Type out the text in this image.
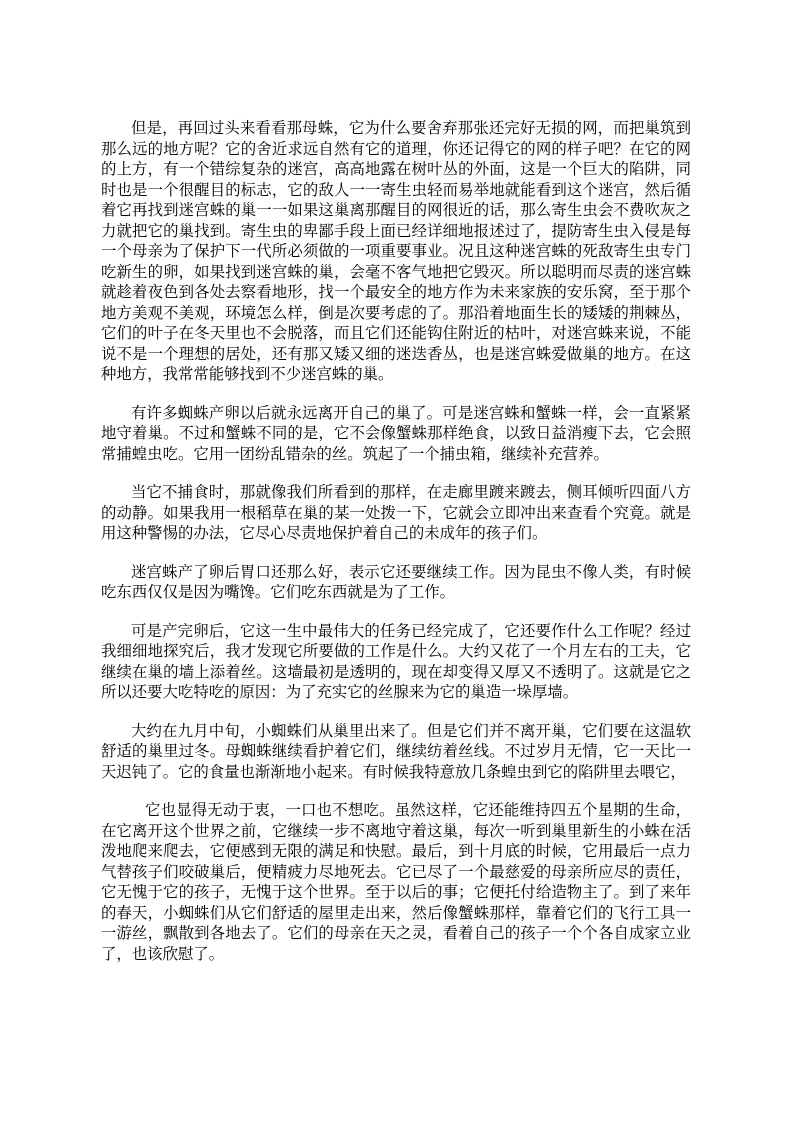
但是，再回过头来看看那母蛛，它为什么要舍弃那张还完好无损的网，而把巢筑到那么远的地方呢？它的舍近求远自然有它的道理，你还记得它的网的样子吧？在它的网的上方，有一个错综复杂的迷宫，高高地露在树叶丛的外面，这是一个巨大的陷阱，同时也是一个很醒目的标志，它的敌人一一寄生虫轻而易举地就能看到这个迷宫，然后循着它再找到迷宫蛛的巢一一如果这巢离那醒目的网很近的话，那么寄生虫会不费吹灰之力就把它的巢找到。寄生虫的卑鄙手段上面已经详细地报述过了，提防寄生虫入侵是每一个母亲为了保护下一代所必须做的一项重要事业。况且这种迷宫蛛的死敌寄生虫专门吃新生的卵，如果找到迷宫蛛的巢，会毫不客气地把它毁灭。所以聪明而尽责的迷宫蛛就趁着夜色到各处去察看地形，找一个最安全的地方作为未来家族的安乐窝，至于那个地方美观不美观，环境怎么样，倒是次要考虑的了。那沿着地面生长的矮矮的荆棘丛，它们的叶子在冬天里也不会脱落，而且它们还能钩住附近的枯叶，对迷宫蛛来说，不能说不是一个理想的居处，还有那又矮又细的迷迭香丛，也是迷宫蛛爱做巢的地方。在这种地方，我常常能够找到不少迷宫蛛的巢。

有许多蜘蛛产卵以后就永远离开自己的巢了。可是迷宫蛛和蟹蛛一样，会一直紧紧地守着巢。不过和蟹蛛不同的是，它不会像蟹蛛那样绝食，以致日益消瘦下去，它会照常捕蝗虫吃。它用一团纷乱错杂的丝。筑起了一个捕虫箱，继续补充营养。

当它不捕食时，那就像我们所看到的那样，在走廊里踱来踱去，侧耳倾听四面八方的动静。如果我用一根稻草在巢的某一处拨一下，它就会立即冲出来查看个究竟。就是用这种警惕的办法，它尽心尽责地保护着自己的未成年的孩子们。

迷宫蛛产了卵后胃口还那么好，表示它还要继续工作。因为昆虫不像人类，有时候吃东西仅仅是因为嘴馋。它们吃东西就是为了工作。

可是产完卵后，它这一生中最伟大的任务已经完成了，它还要作什么工作呢？经过我细细地探究后，我才发现它所要做的工作是什么。大约又花了一个月左右的工夫，它继续在巢的墙上添着丝。这墙最初是透明的，现在却变得又厚又不透明了。这就是它之所以还要大吃特吃的原因：为了充实它的丝腺来为它的巢造一垛厚墙。

大约在九月中旬，小蜘蛛们从巢里出来了。但是它们并不离开巢，它们要在这温软舒适的巢里过冬。母蜘蛛继续看护着它们，继续纺着丝线。不过岁月无情，它一天比一天迟钝了。它的食量也渐渐地小起来。有时候我特意放几条蝗虫到它的陷阱里去喂它，

它也显得无动于衷，一口也不想吃。虽然这样，它还能维持四五个星期的生命，在它离开这个世界之前，它继续一步不离地守着这巢，每次一听到巢里新生的小蛛在活泼地爬来爬去，它便感到无限的满足和快慰。最后，到十月底的时候，它用最后一点力气替孩子们咬破巢后，便精疲力尽地死去。它已尽了一个最慈爱的母亲所应尽的责任，它无愧于它的孩子，无愧于这个世界。至于以后的事；它便托付给造物主了。到了来年的春天，小蜘蛛们从它们舒适的屋里走出来，然后像蟹蛛那样，靠着它们的飞行工具一一游丝，飘散到各地去了。它们的母亲在天之灵，看着自己的孩子一个个各自成家立业了，也该欣慰了。
